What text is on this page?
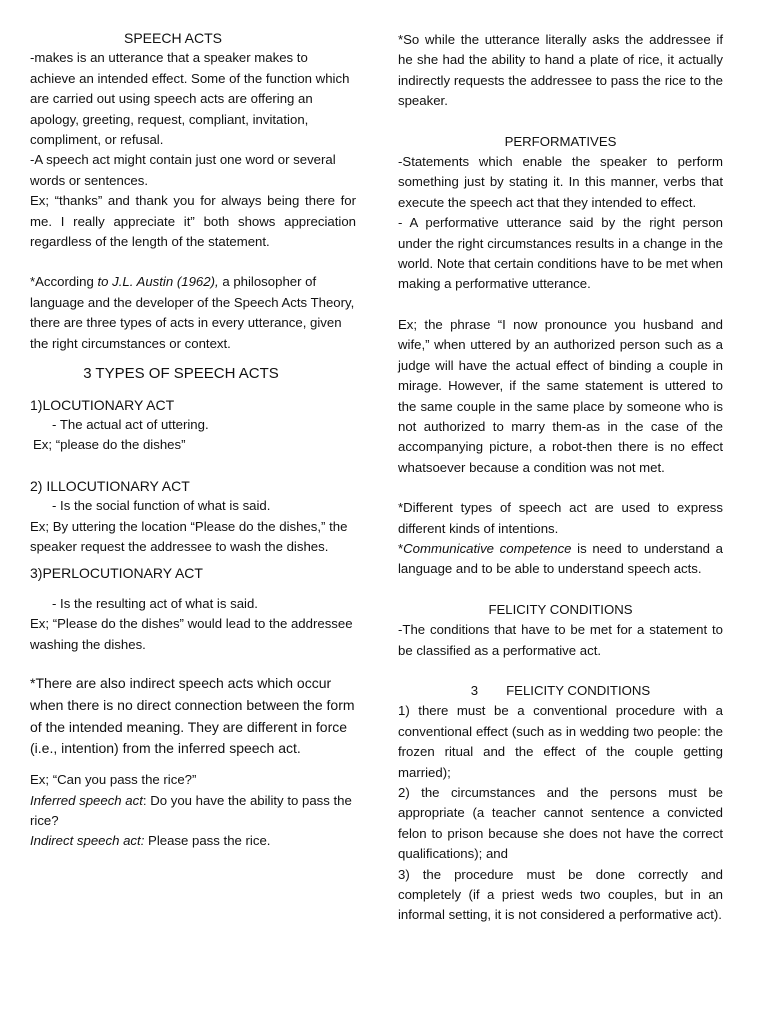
SPEECH ACTS

-makes is an utterance that a speaker makes to achieve an intended effect. Some of the function which are carried out using speech acts are offering an apology, greeting, request, compliant, invitation, compliment, or refusal.

-A speech act might contain just one word or several words or sentences.

Ex; “thanks” and thank you for always being there for me. I really appreciate it” both shows appreciation regardless of the length of the statement.

*According to J.L. Austin (1962), a philosopher of language and the developer of the Speech Acts Theory, there are three types of acts in every utterance, given the right circumstances or context.

3 TYPES OF SPEECH ACTS

1)LOCUTIONARY ACT

- The actual act of uttering.

Ex; “please do the dishes”

2) ILLOCUTIONARY ACT

- Is the social function of what is said.

Ex; By uttering the location “Please do the dishes,” the speaker request the addressee to wash the dishes.

3)PERLOCUTIONARY ACT

- Is the resulting act of what is said.

Ex; “Please do the dishes” would lead to the addressee washing the dishes.

*There are also indirect speech acts which occur when there is no direct connection between the form of the intended meaning. They are different in force (i.e., intention) from the inferred speech act.

Ex; “Can you pass the rice?”

Inferred speech act: Do you have the ability to pass the rice?

Indirect speech act: Please pass the rice.

*So while the utterance literally asks the addressee if he she had the ability to hand a plate of rice, it actually indirectly requests the addressee to pass the rice to the speaker.

PERFORMATIVES

-Statements which enable the speaker to perform something just by stating it. In this manner, verbs that execute the speech act that they intended to effect.

- A performative utterance said by the right person under the right circumstances results in a change in the world. Note that certain conditions have to be met when making a performative utterance.

Ex; the phrase “I now pronounce you husband and wife,” when uttered by an authorized person such as a judge will have the actual effect of binding a couple in mirage. However, if the same statement is uttered to the same couple in the same place by someone who is not authorized to marry them-as in the case of the accompanying picture, a robot-then there is no effect whatsoever because a condition was not met.

*Different types of speech act are used to express different kinds of intentions.

*Communicative competence is need to understand a language and to be able to understand speech acts.

FELICITY CONDITIONS

-The conditions that have to be met for a statement to be classified as a performative act.

3 FELICITY CONDITIONS

1) there must be a conventional procedure with a conventional effect (such as in wedding two people: the frozen ritual and the effect of the couple getting married);

2) the circumstances and the persons must be appropriate (a teacher cannot sentence a convicted felon to prison because she does not have the correct qualifications); and

3) the procedure must be done correctly and completely (if a priest weds two couples, but in an informal setting, it is not considered a performative act).
